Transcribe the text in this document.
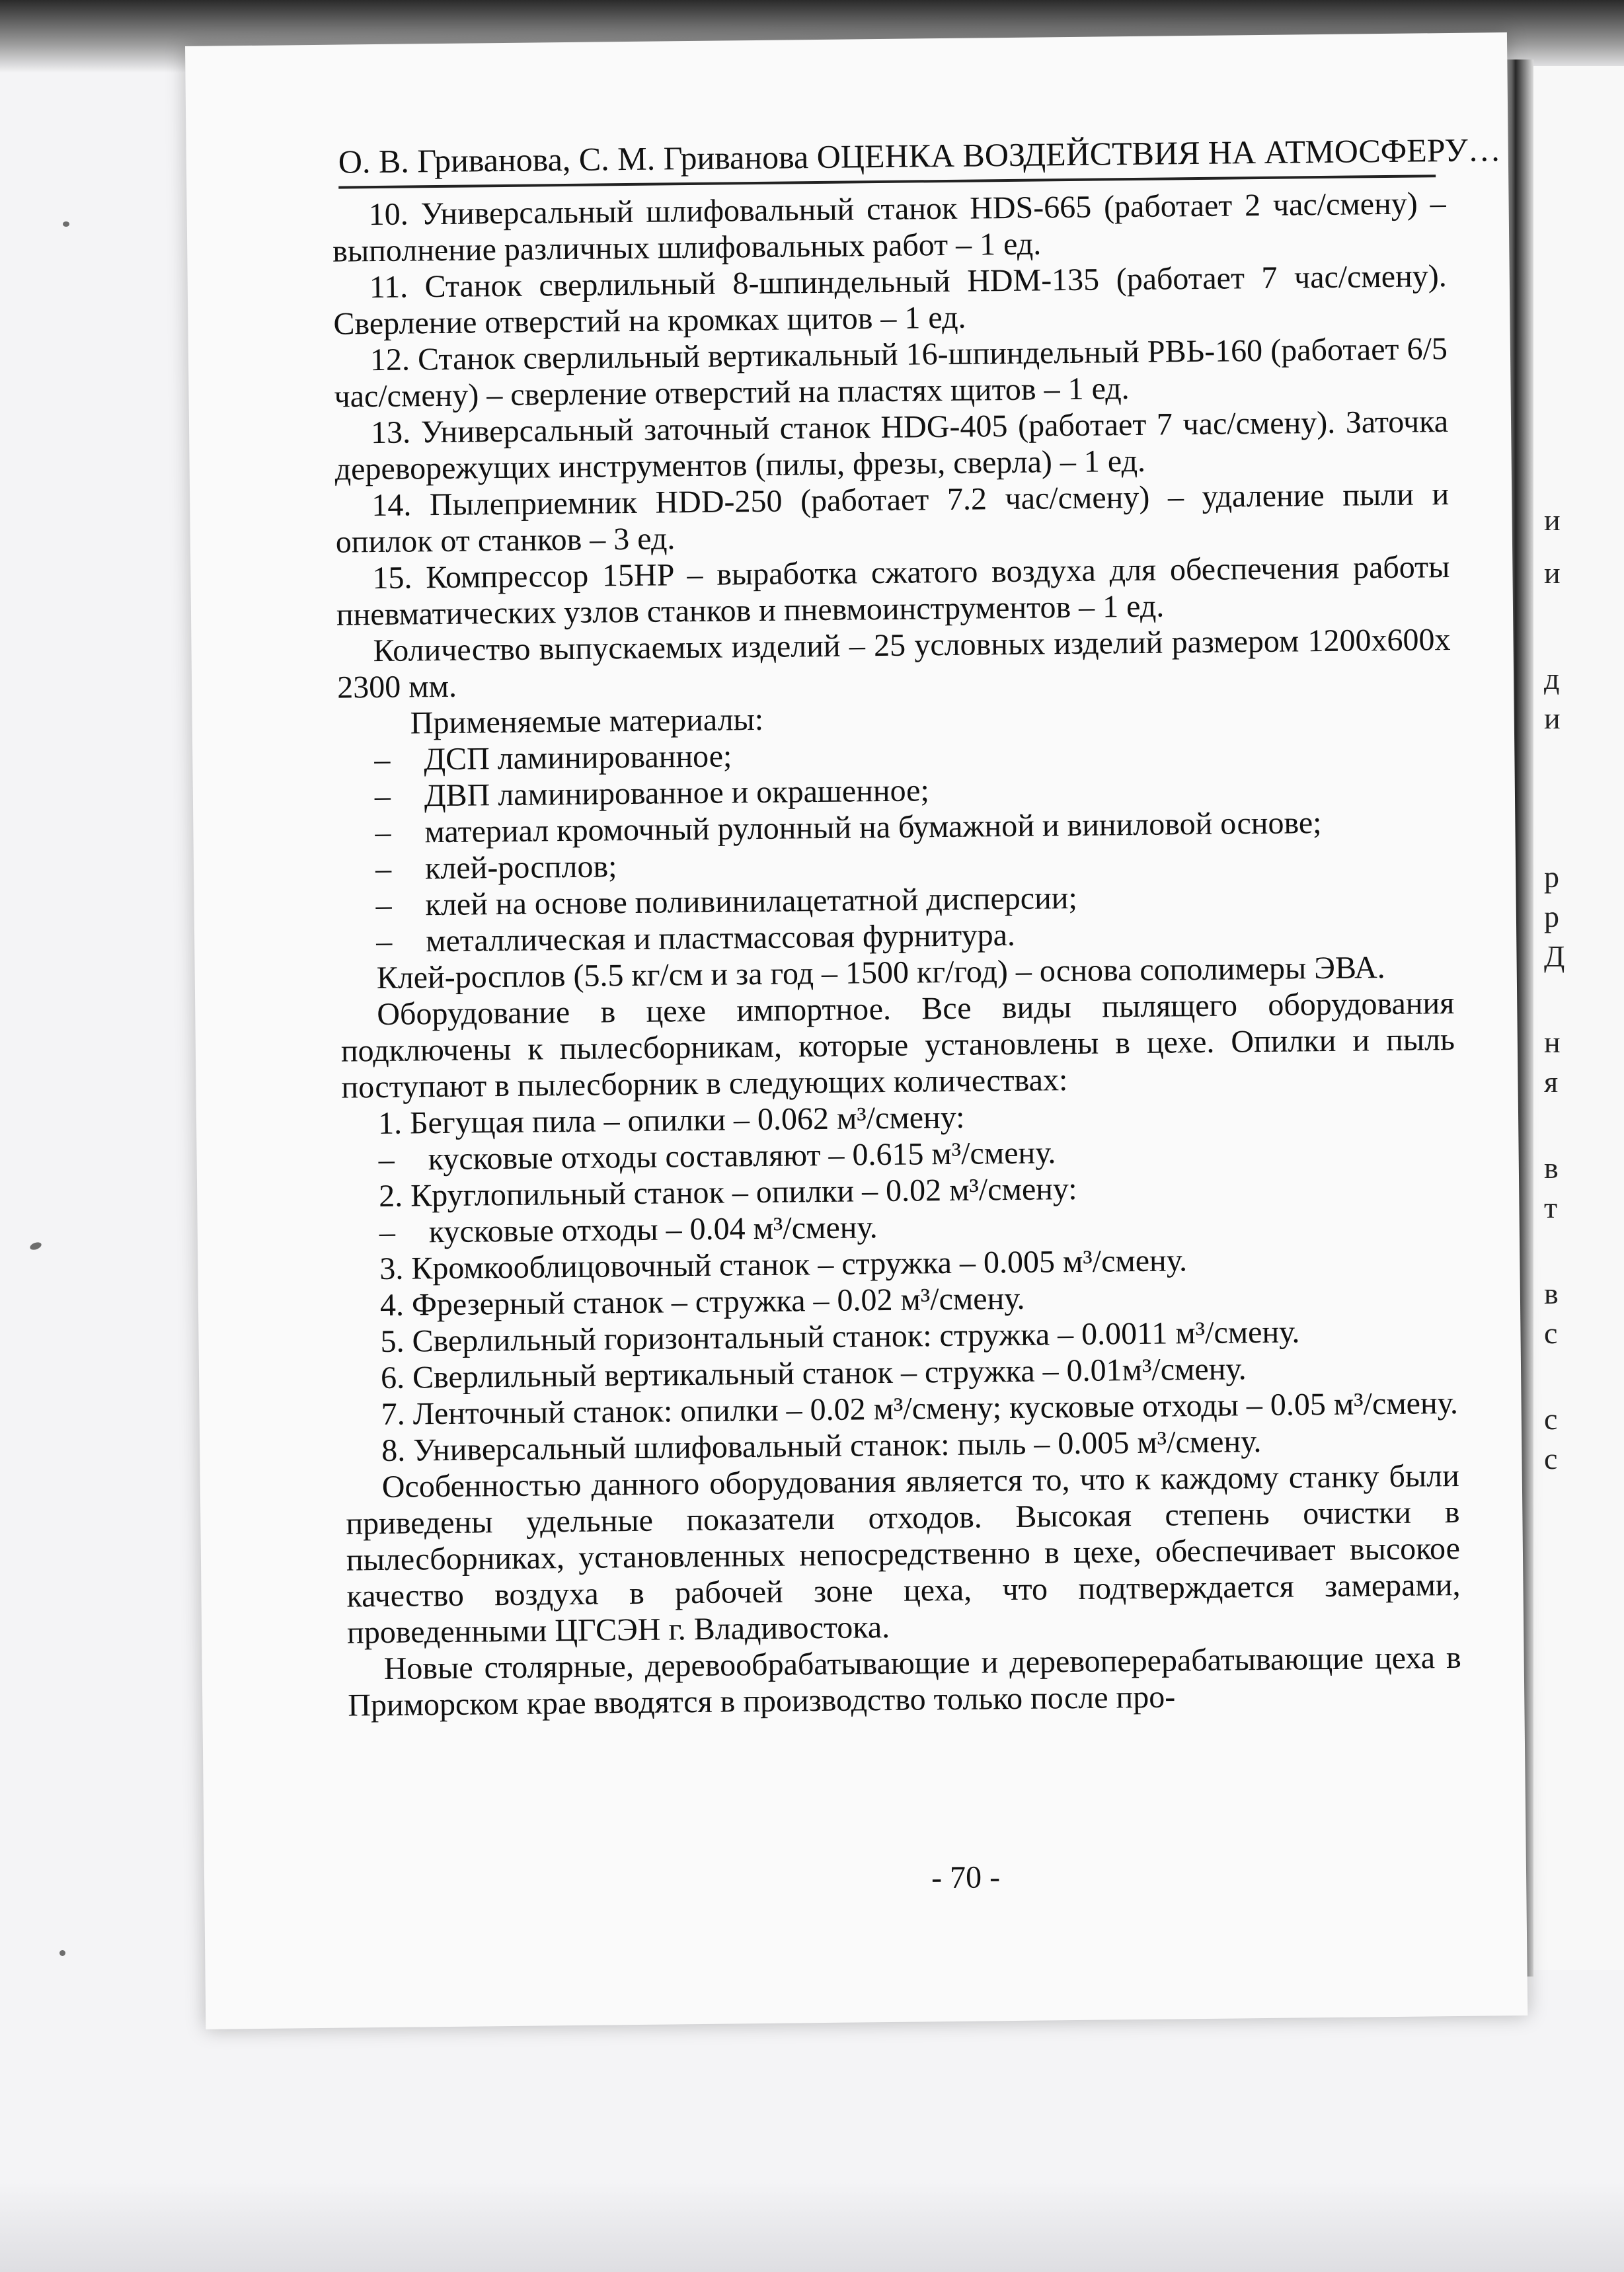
и
и
д
и
р
р
Д
н
я
в
т
в
с
с
с
О. В. Гриванова, С. М. Гриванова ОЦЕНКА ВОЗДЕЙСТВИЯ НА АТМОСФЕРУ…

10. Универсальный шлифовальный станок HDS-665 (работает 2 час/смену) – выполнение различных шлифовальных работ – 1 ед.

11. Станок сверлильный 8-шпиндельный HDM-135 (работает 7 час/смену). Сверление отверстий на кромках щитов – 1 ед.

12. Станок сверлильный вертикальный 16-шпиндельный PBЬ-160 (работает 6/5 час/смену) – сверление отверстий на пластях щитов – 1 ед.

13. Универсальный заточный станок HDG-405 (работает 7 час/смену). Заточка дереворежущих инструментов (пилы, фрезы, сверла) – 1 ед.

14. Пылеприемник HDD-250 (работает 7.2 час/смену) – удаление пыли и опилок от станков – 3 ед.

15. Компрессор 15HP – выработка сжатого воздуха для обеспечения работы пневматических узлов станков и пневмоинструментов – 1 ед.

Количество выпускаемых изделий – 25 условных изделий размером 1200х600х 2300 мм.

Применяемые материалы:

– ДСП ламинированное;
– ДВП ламинированное и окрашенное;
– материал кромочный рулонный на бумажной и виниловой основе;
– клей-росплов;
– клей на основе поливинилацетатной дисперсии;
– металлическая и пластмассовая фурнитура.

Клей-росплов (5.5 кг/см и за год – 1500 кг/год) – основа сополимеры ЭВА.

Оборудование в цехе импортное. Все виды пылящего оборудования подключены к пылесборникам, которые установлены в цехе. Опилки и пыль поступают в пылесборник в следующих количествах:

1. Бегущая пила – опилки – 0.062 м³/смену:

– кусковые отходы составляют – 0.615 м³/смену.

2. Круглопильный станок – опилки – 0.02 м³/смену:

– кусковые отходы – 0.04 м³/смену.

3. Кромкооблицовочный станок – стружка – 0.005 м³/смену.

4. Фрезерный станок – стружка – 0.02 м³/смену.

5. Сверлильный горизонтальный станок: стружка – 0.0011 м³/смену.

6. Сверлильный вертикальный станок – стружка – 0.01м³/смену.

7. Ленточный станок: опилки – 0.02 м³/смену; кусковые отходы – 0.05 м³/смену.

8. Универсальный шлифовальный станок: пыль – 0.005 м³/смену.

Особенностью данного оборудования является то, что к каждому станку были приведены удельные показатели отходов. Высокая степень очистки в пылесборниках, установленных непосредственно в цехе, обеспечивает высокое качество воздуха в рабочей зоне цеха, что подтверждается замерами, проведенными ЦГСЭН г. Владивостока.

Новые столярные, деревообрабатывающие и деревоперерабатывающие цеха в Приморском крае вводятся в производство только после про-

- 70 -
